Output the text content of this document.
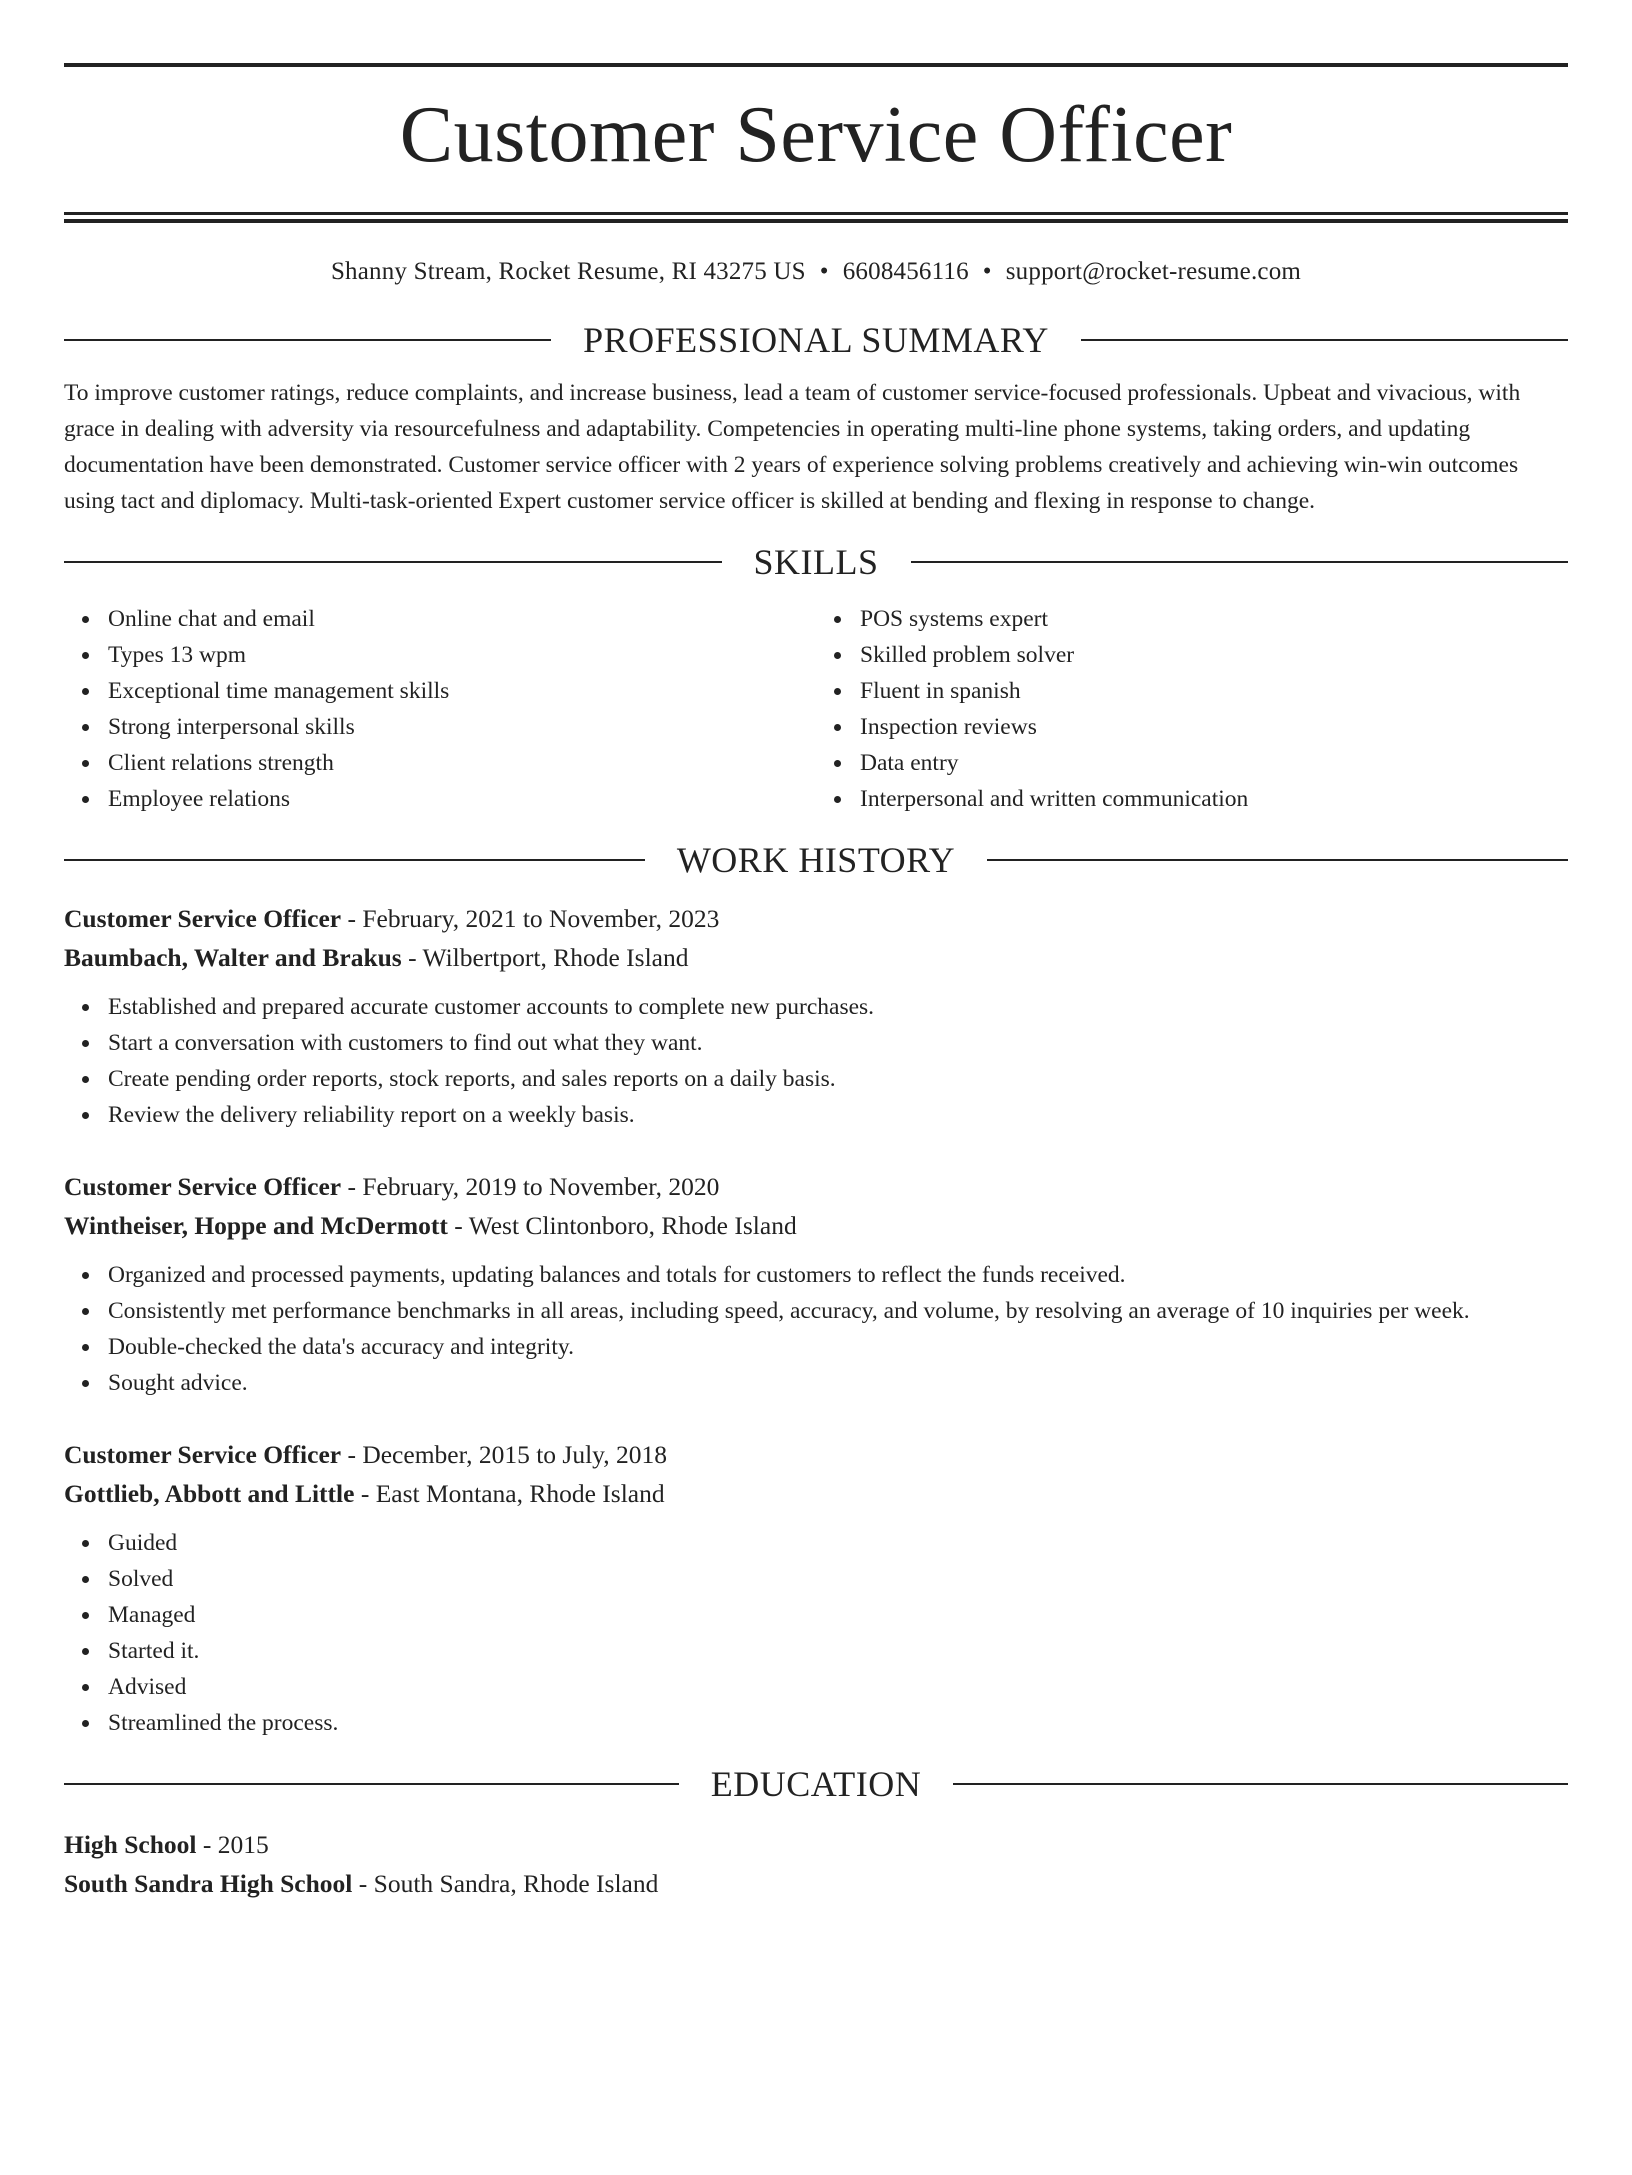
Customer Service Officer
Shanny Stream, Rocket Resume, RI 43275 US • 6608456116 • support@rocket-resume.com
PROFESSIONAL SUMMARY
To improve customer ratings, reduce complaints, and increase business, lead a team of customer service-focused professionals. Upbeat and vivacious, with grace in dealing with adversity via resourcefulness and adaptability. Competencies in operating multi-line phone systems, taking orders, and updating documentation have been demonstrated. Customer service officer with 2 years of experience solving problems creatively and achieving win-win outcomes using tact and diplomacy. Multi-task-oriented Expert customer service officer is skilled at bending and flexing in response to change.
SKILLS
Online chat and email
Types 13 wpm
Exceptional time management skills
Strong interpersonal skills
Client relations strength
Employee relations
POS systems expert
Skilled problem solver
Fluent in spanish
Inspection reviews
Data entry
Interpersonal and written communication
WORK HISTORY
Customer Service Officer - February, 2021 to November, 2023
Baumbach, Walter and Brakus - Wilbertport, Rhode Island
Established and prepared accurate customer accounts to complete new purchases.
Start a conversation with customers to find out what they want.
Create pending order reports, stock reports, and sales reports on a daily basis.
Review the delivery reliability report on a weekly basis.
Customer Service Officer - February, 2019 to November, 2020
Wintheiser, Hoppe and McDermott - West Clintonboro, Rhode Island
Organized and processed payments, updating balances and totals for customers to reflect the funds received.
Consistently met performance benchmarks in all areas, including speed, accuracy, and volume, by resolving an average of 10 inquiries per week.
Double-checked the data's accuracy and integrity.
Sought advice.
Customer Service Officer - December, 2015 to July, 2018
Gottlieb, Abbott and Little - East Montana, Rhode Island
Guided
Solved
Managed
Started it.
Advised
Streamlined the process.
EDUCATION
High School - 2015
South Sandra High School - South Sandra, Rhode Island
